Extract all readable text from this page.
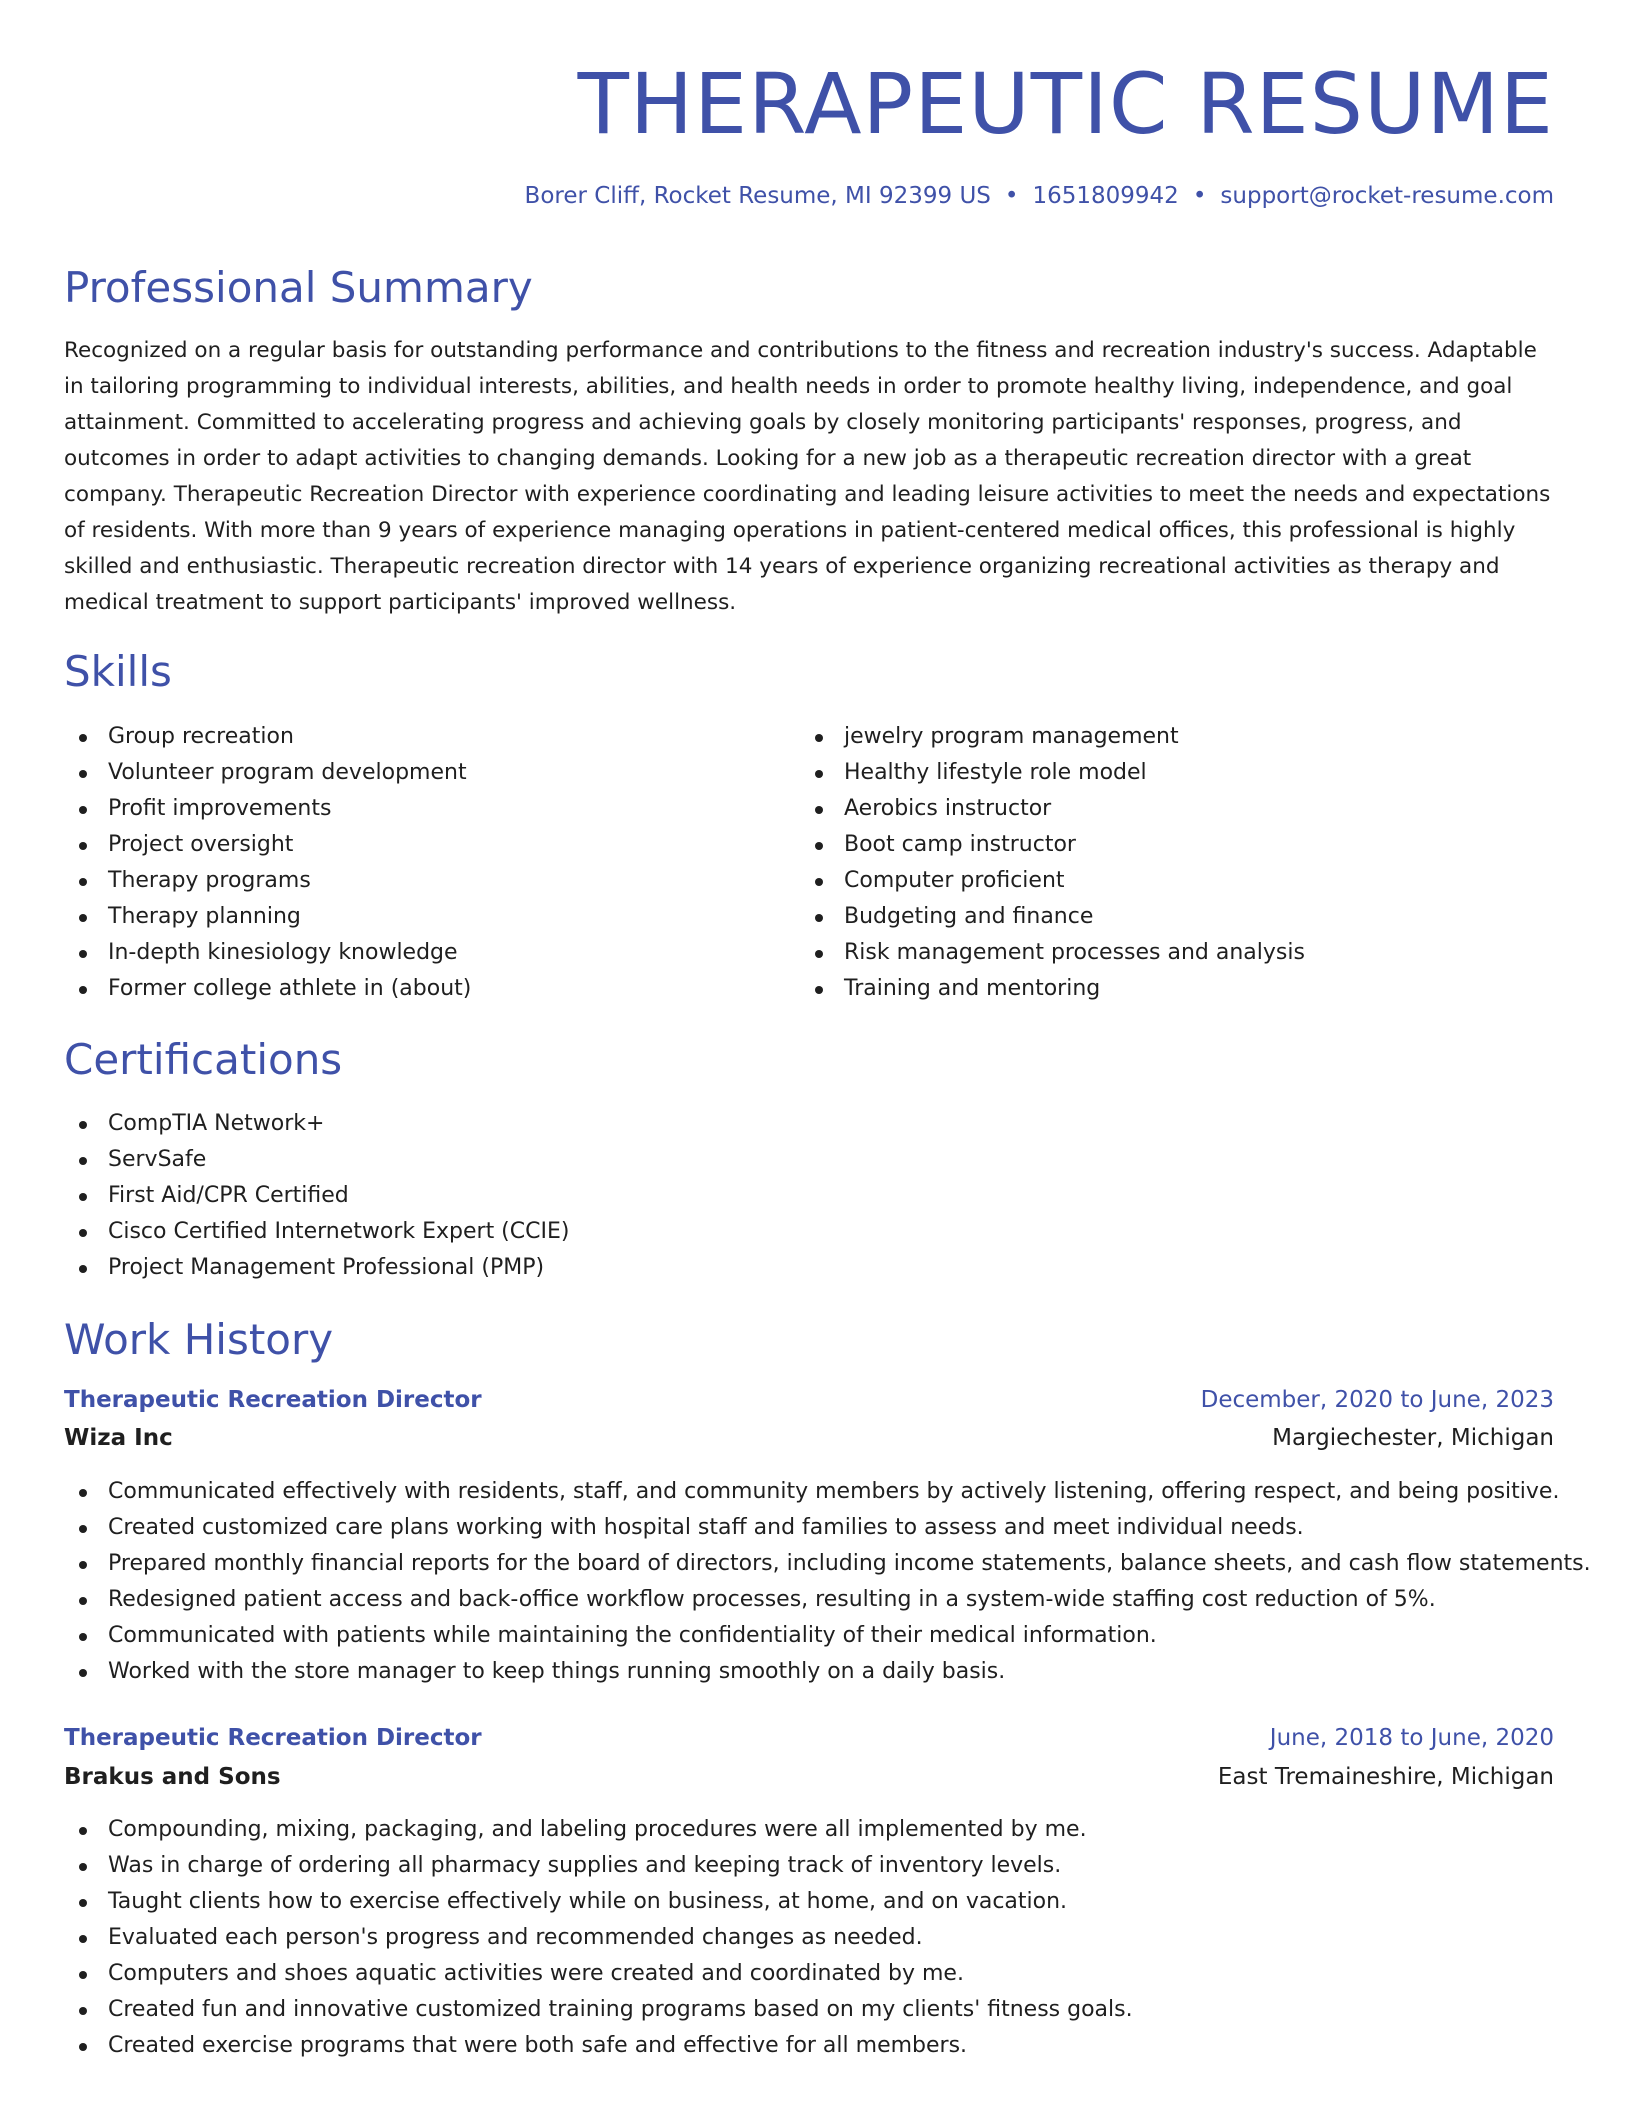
THERAPEUTIC RESUME
Borer Cliff, Rocket Resume, MI 92399 US • 1651809942 • support@rocket-resume.com
Professional Summary

Recognized on a regular basis for outstanding performance and contributions to the fitness and recreation industry's success. Adaptable in tailoring programming to individual interests, abilities, and health needs in order to promote healthy living, independence, and goal attainment. Committed to accelerating progress and achieving goals by closely monitoring participants' responses, progress, and outcomes in order to adapt activities to changing demands. Looking for a new job as a therapeutic recreation director with a great company. Therapeutic Recreation Director with experience coordinating and leading leisure activities to meet the needs and expectations of residents. With more than 9 years of experience managing operations in patient-centered medical offices, this professional is highly skilled and enthusiastic. Therapeutic recreation director with 14 years of experience organizing recreational activities as therapy and medical treatment to support participants' improved wellness.

Skills
Group recreation
Volunteer program development
Profit improvements
Project oversight
Therapy programs
Therapy planning
In-depth kinesiology knowledge
Former college athlete in (about)
jewelry program management
Healthy lifestyle role model
Aerobics instructor
Boot camp instructor
Computer proficient
Budgeting and finance
Risk management processes and analysis
Training and mentoring
Certifications
CompTIA Network+
ServSafe
First Aid/CPR Certified
Cisco Certified Internetwork Expert (CCIE)
Project Management Professional (PMP)
Work History
Therapeutic Recreation Director	December, 2020 to June, 2023
Wiza Inc	Margiechester, Michigan
Communicated effectively with residents, staff, and community members by actively listening, offering respect, and being positive.
Created customized care plans working with hospital staff and families to assess and meet individual needs.
Prepared monthly financial reports for the board of directors, including income statements, balance sheets, and cash flow statements.
Redesigned patient access and back-office workflow processes, resulting in a system-wide staffing cost reduction of 5%.
Communicated with patients while maintaining the confidentiality of their medical information.
Worked with the store manager to keep things running smoothly on a daily basis.
Therapeutic Recreation Director	June, 2018 to June, 2020
Brakus and Sons	East Tremaineshire, Michigan
Compounding, mixing, packaging, and labeling procedures were all implemented by me.
Was in charge of ordering all pharmacy supplies and keeping track of inventory levels.
Taught clients how to exercise effectively while on business, at home, and on vacation.
Evaluated each person's progress and recommended changes as needed.
Computers and shoes aquatic activities were created and coordinated by me.
Created fun and innovative customized training programs based on my clients' fitness goals.
Created exercise programs that were both safe and effective for all members.
